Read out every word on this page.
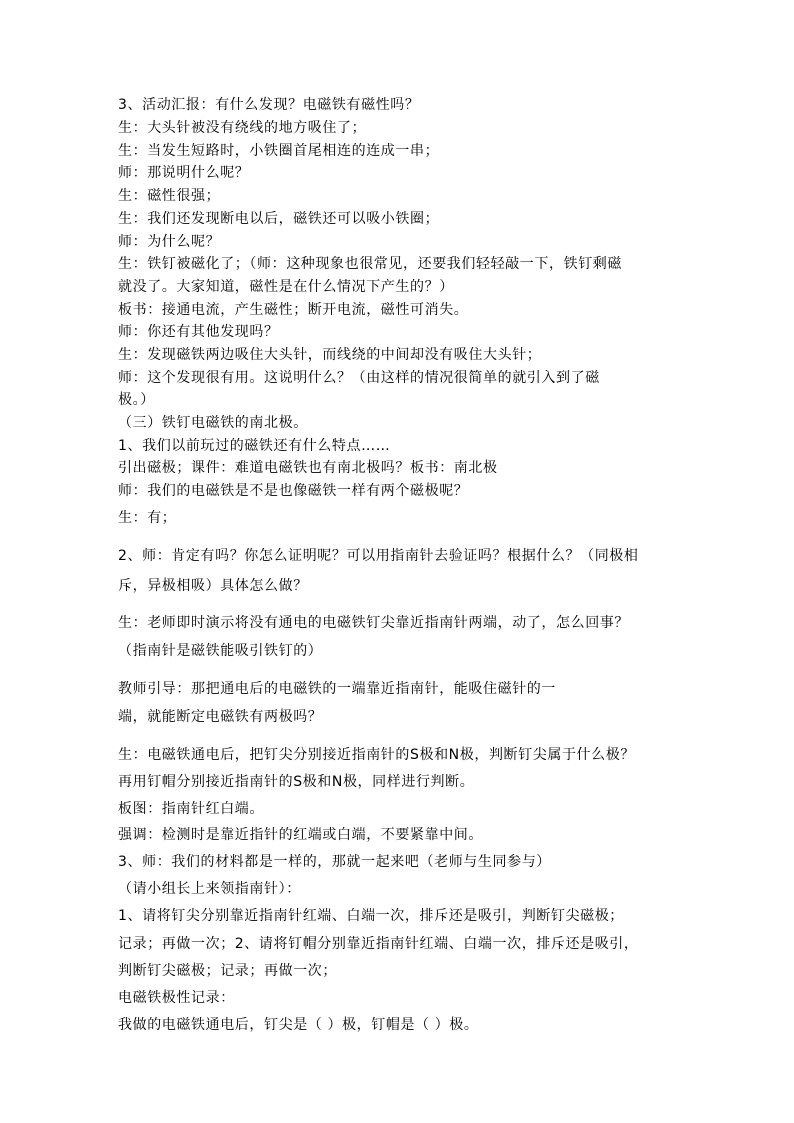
3、活动汇报：有什么发现？电磁铁有磁性吗？
生：大头针被没有绕线的地方吸住了；
生：当发生短路时，小铁圈首尾相连的连成一串；
师：那说明什么呢？
生：磁性很强；
生：我们还发现断电以后，磁铁还可以吸小铁圈；
师：为什么呢？
生：铁钉被磁化了；（师：这种现象也很常见，还要我们轻轻敲一下，铁钉剩磁
就没了。大家知道，磁性是在什么情况下产生的？）
板书：接通电流，产生磁性；断开电流，磁性可消失。
师：你还有其他发现吗？
生：发现磁铁两边吸住大头针，而线绕的中间却没有吸住大头针；
师：这个发现很有用。这说明什么？（由这样的情况很简单的就引入到了磁
极。）
（三）铁钉电磁铁的南北极。
1、我们以前玩过的磁铁还有什么特点……
引出磁极；课件：难道电磁铁也有南北极吗？板书：南北极
师：我们的电磁铁是不是也像磁铁一样有两个磁极呢？
生：有；
2、师：肯定有吗？你怎么证明呢？可以用指南针去验证吗？根据什么？（同极相
斥，异极相吸）具体怎么做？
生：老师即时演示将没有通电的电磁铁钉尖靠近指南针两端，动了，怎么回事？
（指南针是磁铁能吸引铁钉的）
教师引导：那把通电后的电磁铁的一端靠近指南针，能吸住磁针的一
端，就能断定电磁铁有两极吗？
生：电磁铁通电后，把钉尖分别接近指南针的S极和N极，判断钉尖属于什么极？
再用钉帽分别接近指南针的S极和N极，同样进行判断。
板图：指南针红白端。
强调：检测时是靠近指针的红端或白端，不要紧靠中间。
3、师：我们的材料都是一样的，那就一起来吧（老师与生同参与）
（请小组长上来领指南针）：
1、请将钉尖分别靠近指南针红端、白端一次，排斥还是吸引，判断钉尖磁极；
记录；再做一次；2、请将钉帽分别靠近指南针红端、白端一次，排斥还是吸引，
判断钉尖磁极；记录；再做一次；
电磁铁极性记录：
我做的电磁铁通电后，钉尖是（ ）极，钉帽是（ ）极。
